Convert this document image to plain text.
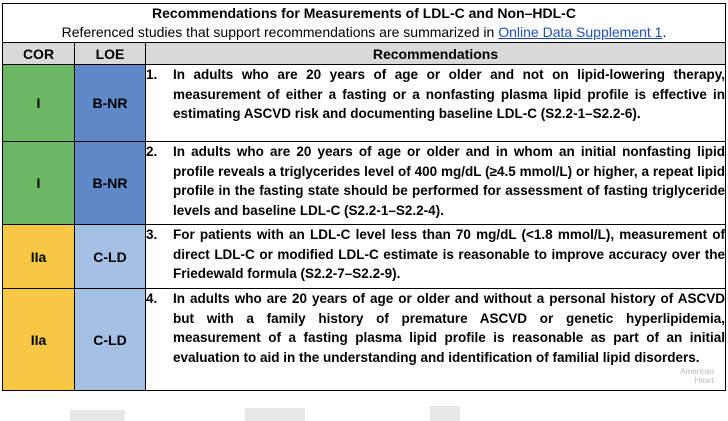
Recommendations for Measurements of LDL-C and Non–HDL-C
Referenced studies that support recommendations are summarized in Online Data Supplement 1.		

COR	LOE	Recommendations
I	B-NR	1. In adults who are 20 years of age or older and not on lipid-lowering therapy, measurement of either a fasting or a nonfasting plasma lipid profile is effective in estimating ASCVD risk and documenting baseline LDL-C (S2.2-1–S2.2-6).

I	B-NR	2. In adults who are 20 years of age or older and in whom an initial nonfasting lipid profile reveals a triglycerides level of 400 mg/dL (≥4.5 mmol/L) or higher, a repeat lipid profile in the fasting state should be performed for assessment of fasting triglyceride levels and baseline LDL-C (S2.2-1–S2.2-4).

IIa	C-LD	3. For patients with an LDL-C level less than 70 mg/dL (<1.8 mmol/L), measurement of direct LDL-C or modified LDL-C estimate is reasonable to improve accuracy over the Friedewald formula (S2.2-7–S2.2-9).

IIa	C-LD	4. In adults who are 20 years of age or older and without a personal history of ASCVD but with a family history of premature ASCVD or genetic hyperlipidemia, measurement of a fasting plasma lipid profile is reasonable as part of an initial evaluation to aid in the understanding and identification of familial lipid disorders.
American
Heart
